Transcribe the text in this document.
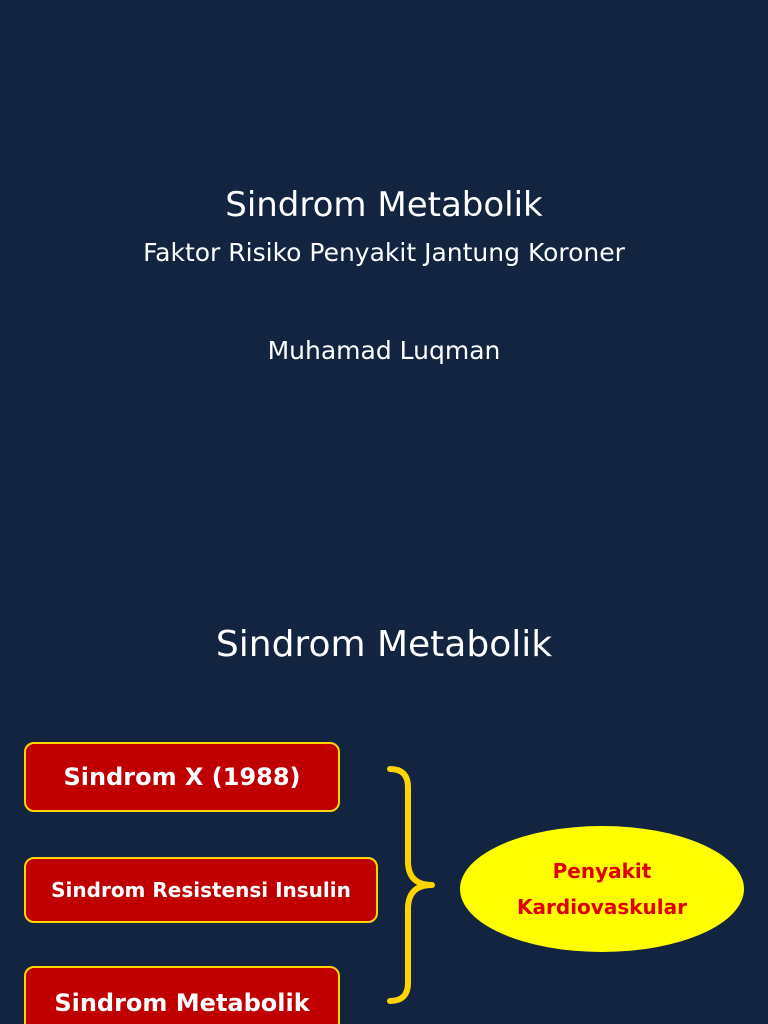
Sindrom Metabolik
Faktor Risiko Penyakit Jantung Koroner
Muhamad Luqman
Sindrom Metabolik
Sindrom X (1988)
Sindrom Resistensi Insulin
Sindrom Metabolik
Penyakit
Kardiovaskular
